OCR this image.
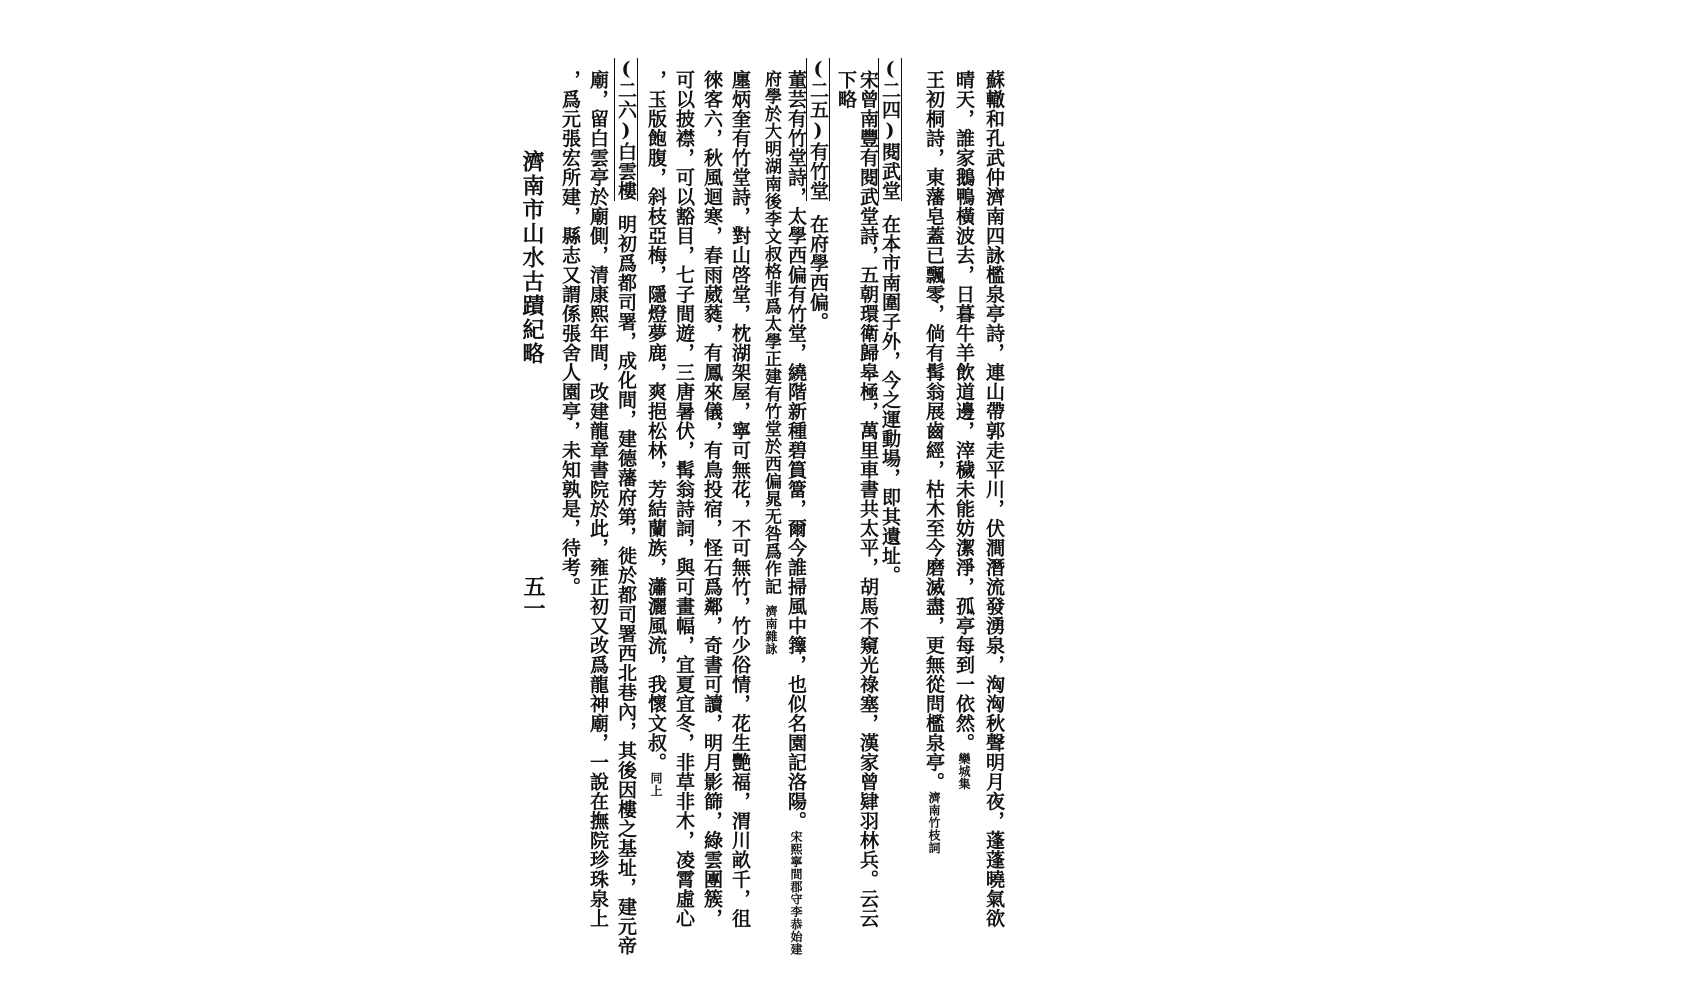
蘇轍和孔武仲濟南四詠檻泉亭詩，連山帶郭走平川，伏澗潛流發湧泉，洶洶秋聲明月夜，蓬蓬曉氣欲
晴天，誰家鵝鴨橫波去，日暮牛羊飲道邊，滓穢未能妨潔淨，孤亭每到一依然。欒城集
王初桐詩，東藩皂蓋已飄零，倘有髯翁展齒經，枯木至今磨滅盡，更無從問檻泉亭。濟南竹枝詞
(二四)閱武堂在本市南圍子外，今之運動場，即其遺址。
宋曾南豐有閱武堂詩，五朝環衛歸皋極，萬里車書共太平，胡馬不窺光祿塞，漢家曾肄羽林兵。云云
下略
(二五)有竹堂在府學西偏。
董芸有竹堂詩，太學西偏有竹堂，繞階新種碧篔簹，爾今誰掃風中籜，也似名園記洛陽。宋熙寧間郡守李恭始建
府學於大明湖南後李文叔格非爲太學正建有竹堂於西偏晁无咎爲作記濟南雜詠
廛炳奎有竹堂詩，對山啓堂，枕湖架屋，寧可無花，不可無竹，竹少俗情，花生艷福，渭川畝千，徂
徠客六，秋風迴寒，春雨葳蕤，有鳳來儀，有鳥投宿，怪石爲鄰，奇書可讀，明月影篩，綠雲團簇，
可以披襟，可以豁目，七子間遊，三唐暑伏，髯翁詩詞，與可畫幅，宜夏宜冬，非草非木，凌霄虛心
，玉版飽腹，斜枝亞梅，隱燈夢鹿，爽挹松林，芳結蘭族，瀟灑風流，我懷文叔。同上
(二六)白雲樓明初爲都司署，成化間，建德藩府第，徙於都司署西北巷內，其後因樓之基址，建元帝
廟，留白雲亭於廟側，清康熙年間，改建龍章書院於此，雍正初又改爲龍神廟，一說在撫院珍珠泉上
，爲元張宏所建，縣志又謂係張舍人園亭，未知孰是，待考。
濟南市山水古蹟紀略
五一
